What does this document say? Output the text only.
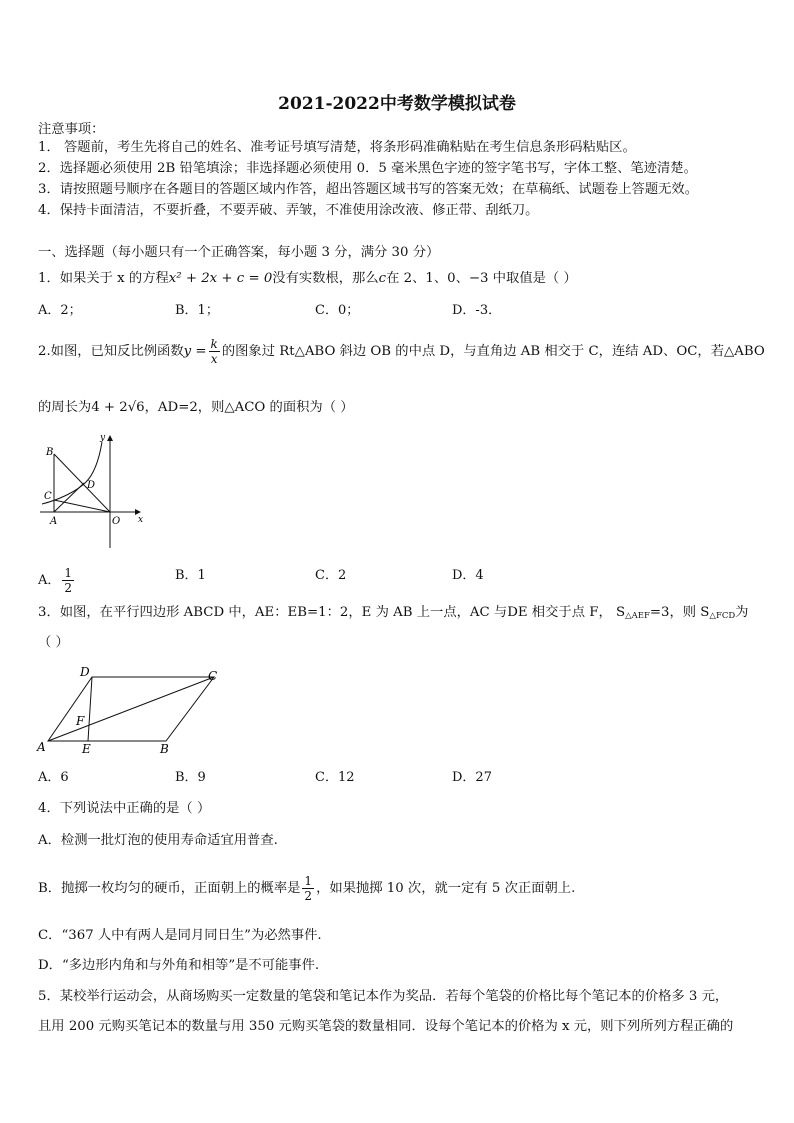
2021-2022中考数学模拟试卷
注意事项：
1． 答题前，考生先将自己的姓名、准考证号填写清楚，将条形码准确粘贴在考生信息条形码粘贴区。
2．选择题必须使用 2B 铅笔填涂；非选择题必须使用 0．5 毫米黑色字迹的签字笔书写，字体工整、笔迹清楚。
3．请按照题号顺序在各题目的答题区域内作答，超出答题区域书写的答案无效；在草稿纸、试题卷上答题无效。
4．保持卡面清洁，不要折叠，不要弄破、弄皱，不准使用涂改液、修正带、刮纸刀。
一、选择题（每小题只有一个正确答案，每小题 3 分，满分 30 分）
1．如果关于 x 的方程x² + 2x + c = 0没有实数根，那么c在 2、1、0、−3 中取值是（ ）
A．2；	B．1；	C．0；	D．-3．
2.如图，已知反比例函数$y = \frac{k}{x}$ 的图象过 Rt△ABO 斜边 OB 的中点 D，与直角边 AB 相交于 C，连结 AD、OC，若△ABO
的周长为4 + 2√6，AD=2，则△ACO 的面积为（ ）
B
C
D
A	O x
y
A． $\frac{1}{2}$	B．1	C．2	D．4
3．如图，在平行四边形 ABCD 中，AE：EB=1：2，E 为 AB 上一点，AC 与DE 相交于点 F， $S_{\triangle AEF}=3$，则 $S_{\triangle FCD}$为
（ ）
D	C
F
A	E	B
A．6	B．9	C．12	D．27
4．下列说法中正确的是（ ）
A．检测一批灯泡的使用寿命适宜用普查.
B．抛掷一枚均匀的硬币，正面朝上的概率是 $\frac{1}{2}$ ，如果抛掷 10 次，就一定有 5 次正面朝上.
C．“367 人中有两人是同月同日生”为必然事件.
D．“多边形内角和与外角和相等”是不可能事件.
5．某校举行运动会，从商场购买一定数量的笔袋和笔记本作为奖品．若每个笔袋的价格比每个笔记本的价格多 3 元，
且用 200 元购买笔记本的数量与用 350 元购买笔袋的数量相同．设每个笔记本的价格为 x 元，则下列所列方程正确的
